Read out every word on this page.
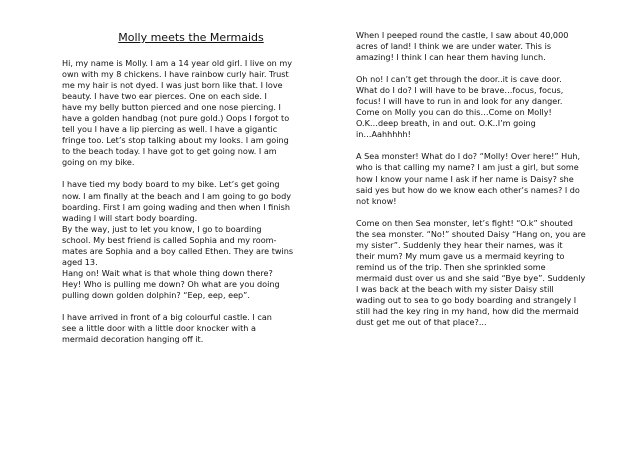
Molly meets the Mermaids

Hi, my name is Molly. I am a 14 year old girl. I live on my
own with my 8 chickens. I have rainbow curly hair. Trust
me my hair is not dyed. I was just born like that. I love
beauty. I have two ear pierces. One on each side. I
have my belly button pierced and one nose piercing. I
have a golden handbag (not pure gold.) Oops I forgot to
tell you I have a lip piercing as well. I have a gigantic
fringe too. Let’s stop talking about my looks. I am going
to the beach today. I have got to get going now. I am
going on my bike.

I have tied my body board to my bike. Let’s get going
now. I am finally at the beach and I am going to go body
boarding. First I am going wading and then when I finish
wading I will start body boarding.
By the way, just to let you know, I go to boarding
school. My best friend is called Sophia and my room-
mates are Sophia and a boy called Ethen. They are twins
aged 13.
Hang on! Wait what is that whole thing down there?
Hey! Who is pulling me down? Oh what are you doing
pulling down golden dolphin? “Eep, eep, eep”.

I have arrived in front of a big colourful castle. I can
see a little door with a little door knocker with a
mermaid decoration hanging off it.

When I peeped round the castle, I saw about 40,000
acres of land! I think we are under water. This is
amazing! I think I can hear them having lunch.

Oh no! I can’t get through the door..it is cave door.
What do I do? I will have to be brave…focus, focus,
focus! I will have to run in and look for any danger.
Come on Molly you can do this…Come on Molly!
O.K…deep breath, in and out. O.K..I’m going
in…Aahhhhh!

A Sea monster! What do I do? “Molly! Over here!” Huh,
who is that calling my name? I am just a girl, but some
how I know your name I ask if her name is Daisy? she
said yes but how do we know each other’s names? I do
not know!

Come on then Sea monster, let’s fight! “O.k” shouted
the sea monster. “No!” shouted Daisy “Hang on, you are
my sister”. Suddenly they hear their names, was it
their mum? My mum gave us a mermaid keyring to
remind us of the trip. Then she sprinkled some
mermaid dust over us and she said “Bye bye”. Suddenly
I was back at the beach with my sister Daisy still
wading out to sea to go body boarding and strangely I
still had the key ring in my hand, how did the mermaid
dust get me out of that place?...
